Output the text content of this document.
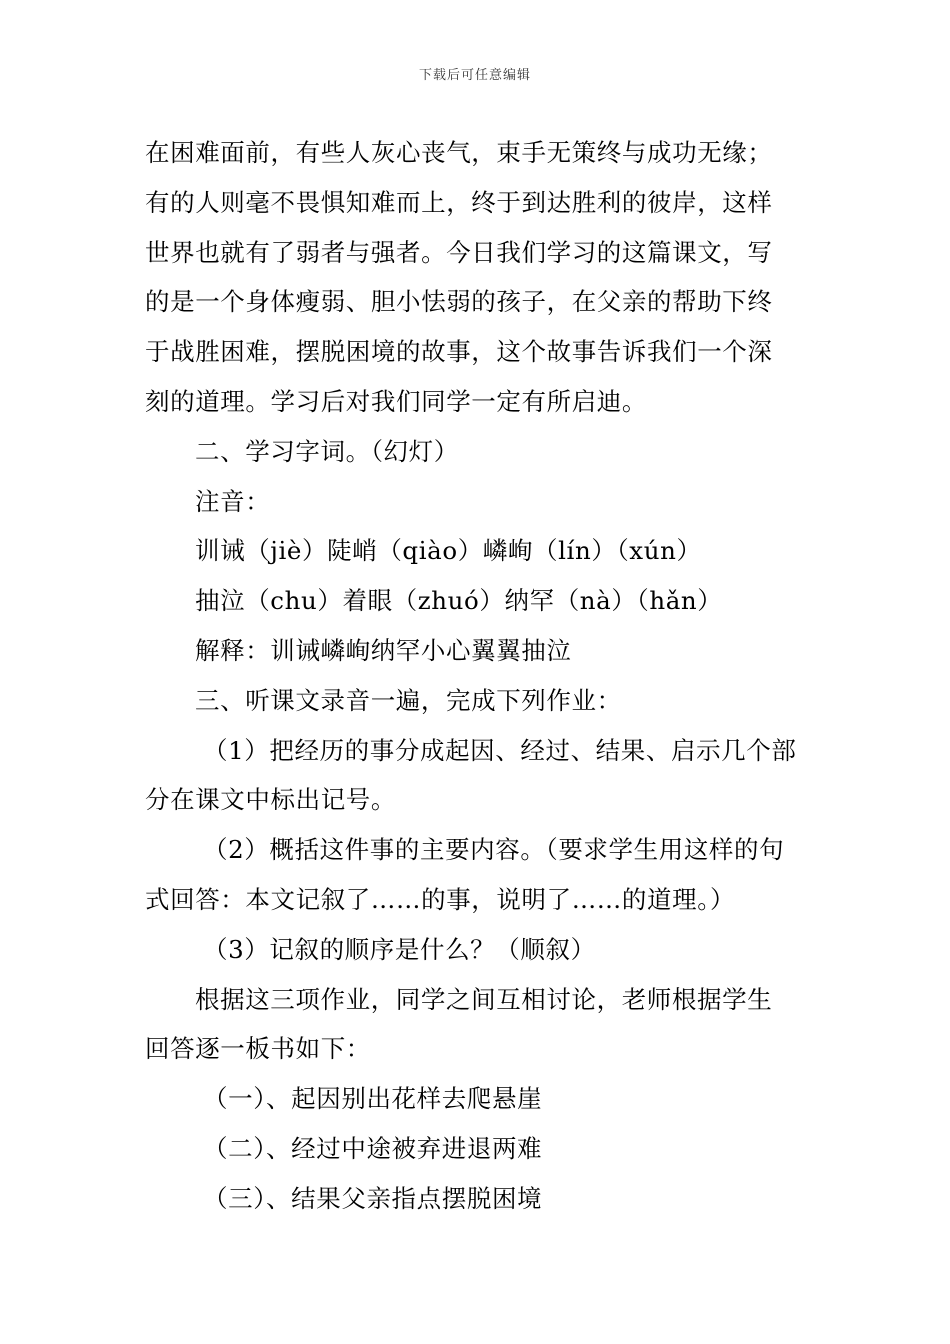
下载后可任意编辑

在困难面前，有些人灰心丧气，束手无策终与成功无缘；

有的人则毫不畏惧知难而上，终于到达胜利的彼岸，这样

世界也就有了弱者与强者。今日我们学习的这篇课文，写

的是一个身体瘦弱、胆小怯弱的孩子，在父亲的帮助下终

于战胜困难，摆脱困境的故事，这个故事告诉我们一个深

刻的道理。学习后对我们同学一定有所启迪。

二、学习字词。（幻灯）

注音：

训诫（jiè）陡峭（qiào）嶙峋（lín）（xún）

抽泣（chu）着眼（zhuó）纳罕（nà）（hǎn）

解释：训诫嶙峋纳罕小心翼翼抽泣

三、听课文录音一遍，完成下列作业：

（1）把经历的事分成起因、经过、结果、启示几个部

分在课文中标出记号。

（2）概括这件事的主要内容。（要求学生用这样的句

式回答：本文记叙了……的事，说明了……的道理。）

（3）记叙的顺序是什么？（顺叙）

根据这三项作业，同学之间互相讨论，老师根据学生

回答逐一板书如下：

（一）、起因别出花样去爬悬崖

（二）、经过中途被弃进退两难

（三）、结果父亲指点摆脱困境
